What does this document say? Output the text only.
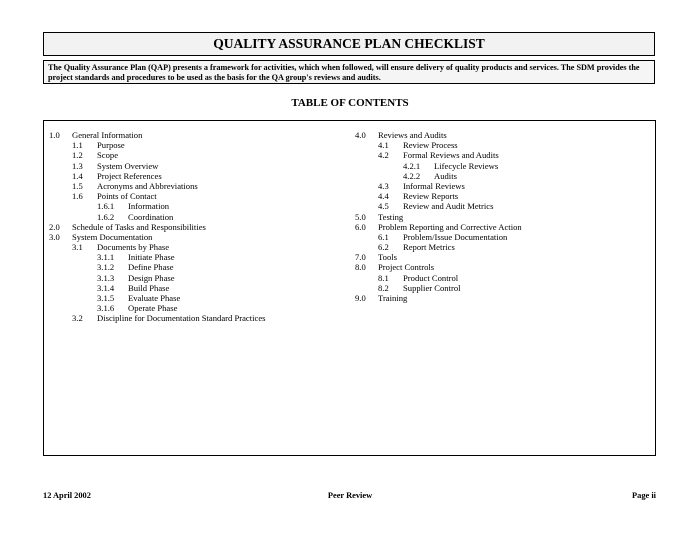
QUALITY ASSURANCE PLAN CHECKLIST
The Quality Assurance Plan (QAP) presents a framework for activities, which when followed, will ensure delivery of quality products and services. The SDM provides the project standards and procedures to be used as the basis for the QA group's reviews and audits.
TABLE OF CONTENTS
1.0 General Information
1.1 Purpose
1.2 Scope
1.3 System Overview
1.4 Project References
1.5 Acronyms and Abbreviations
1.6 Points of Contact
1.6.1 Information
1.6.2 Coordination
2.0 Schedule of Tasks and Responsibilities
3.0 System Documentation
3.1 Documents by Phase
3.1.1 Initiate Phase
3.1.2 Define Phase
3.1.3 Design Phase
3.1.4 Build Phase
3.1.5 Evaluate Phase
3.1.6 Operate Phase
3.2 Discipline for Documentation Standard Practices
4.0 Reviews and Audits
4.1 Review Process
4.2 Formal Reviews and Audits
4.2.1 Lifecycle Reviews
4.2.2 Audits
4.3 Informal Reviews
4.4 Review Reports
4.5 Review and Audit Metrics
5.0 Testing
6.0 Problem Reporting and Corrective Action
6.1 Problem/Issue Documentation
6.2 Report Metrics
7.0 Tools
8.0 Project Controls
8.1 Product Control
8.2 Supplier Control
9.0 Training
12 April 2002	Peer Review	Page ii
